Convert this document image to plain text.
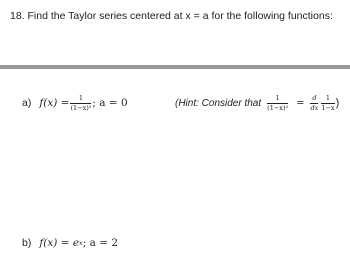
18. Find the Taylor series centered at x = a for the following functions:
a) $f(x) = \frac{1}{\text{(1−x)²}}$ ; a = 0	(Hint: Consider that $\frac{1}{\text{(1−x)²}} = \frac{d}{dx} \frac{1}{1-x}$ )
b) f(x) = e x ; a = 2
